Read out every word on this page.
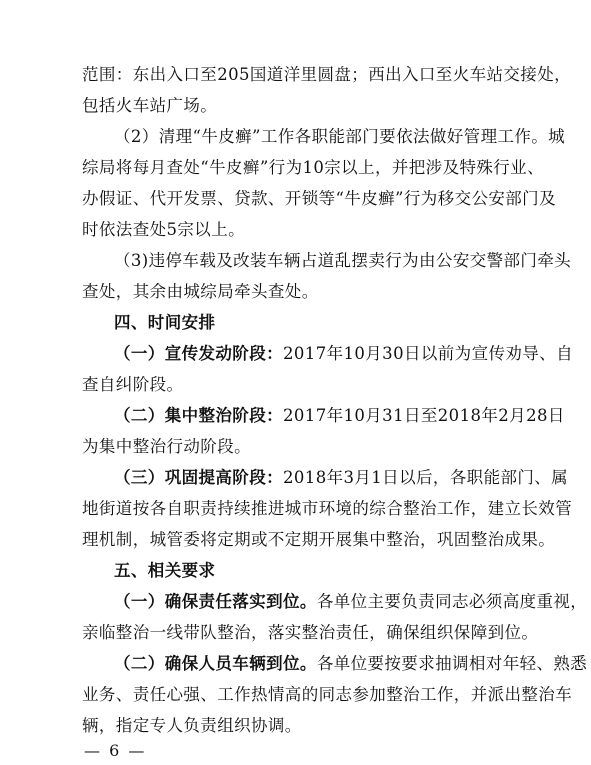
范围：东出入口至205国道洋里圆盘；西出入口至火车站交接处，
包括火车站广场。
（2）清理“牛皮癣”工作各职能部门要依法做好管理工作。城
综局将每月查处“牛皮癣”行为10宗以上，并把涉及特殊行业、
办假证、代开发票、贷款、开锁等“牛皮癣”行为移交公安部门及
时依法查处5宗以上。
（3)违停车载及改装车辆占道乱摆卖行为由公安交警部门牵头
查处，其余由城综局牵头查处。
四、时间安排
（一）宣传发动阶段：2017年10月30日以前为宣传劝导、自
查自纠阶段。
（二）集中整治阶段：2017年10月31日至2018年2月28日
为集中整治行动阶段。
（三）巩固提高阶段：2018年3月1日以后，各职能部门、属
地街道按各自职责持续推进城市环境的综合整治工作，建立长效管
理机制，城管委将定期或不定期开展集中整治，巩固整治成果。
五、相关要求
（一）确保责任落实到位。各单位主要负责同志必须高度重视，
亲临整治一线带队整治，落实整治责任，确保组织保障到位。
（二）确保人员车辆到位。各单位要按要求抽调相对年轻、熟悉
业务、责任心强、工作热情高的同志参加整治工作，并派出整治车
辆，指定专人负责组织协调。
— 6 —
